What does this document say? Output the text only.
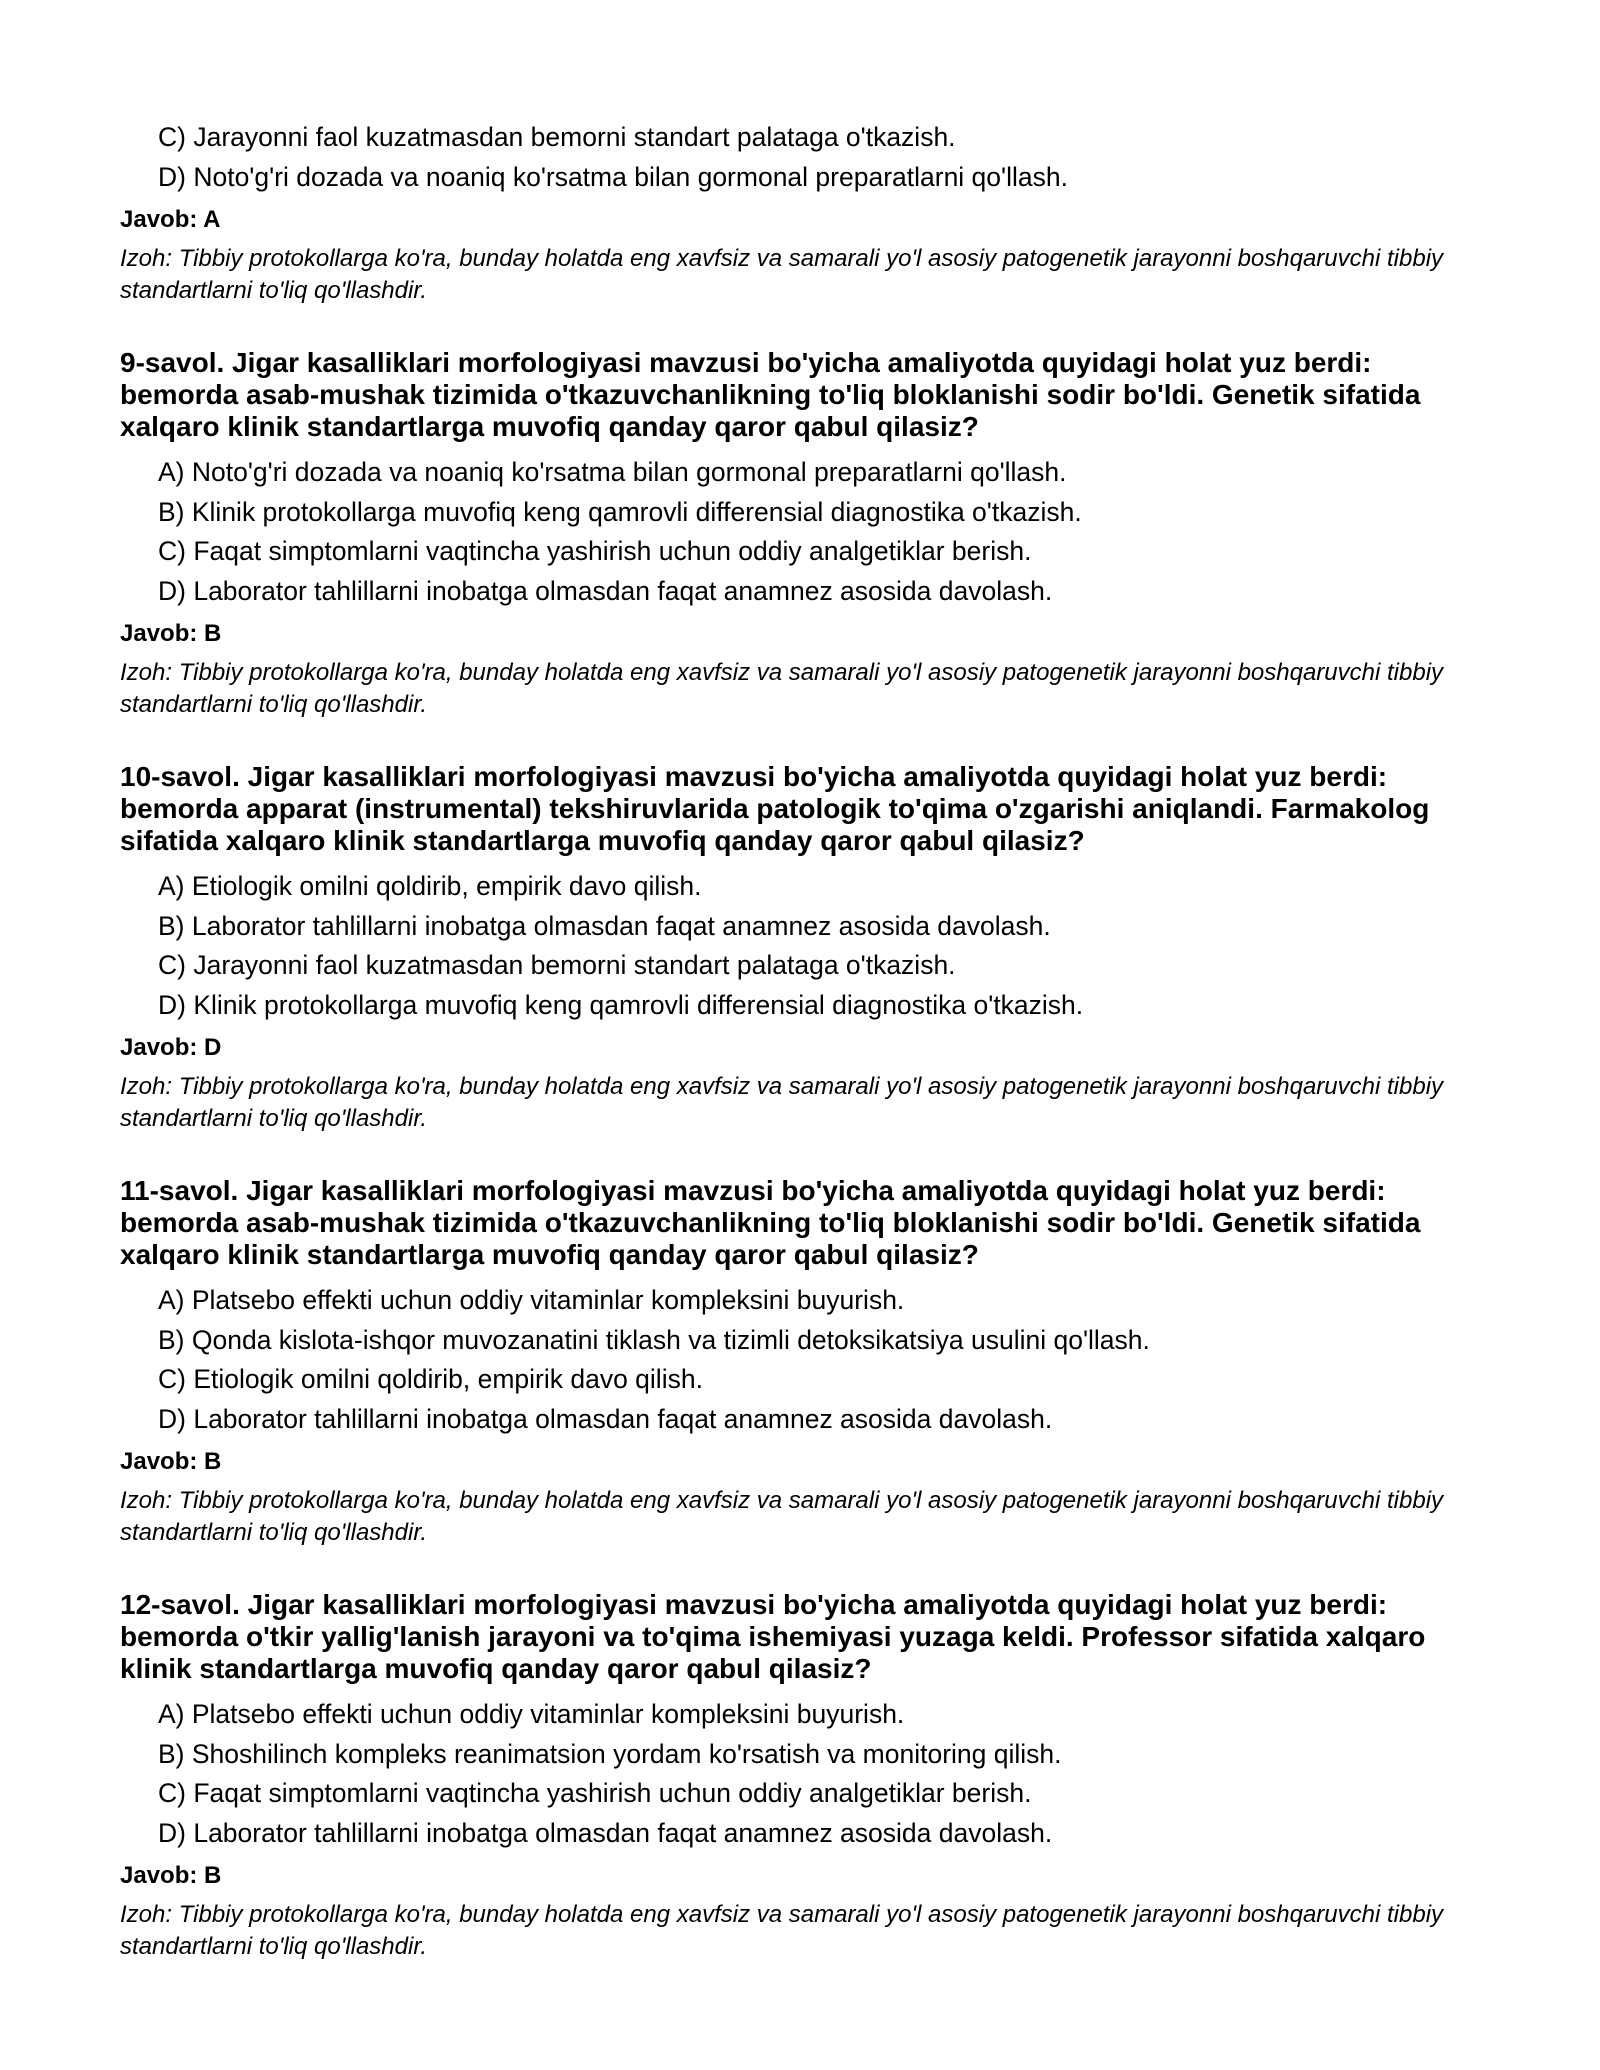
C) Jarayonni faol kuzatmasdan bemorni standart palataga o'tkazish.
D) Noto'g'ri dozada va noaniq ko'rsatma bilan gormonal preparatlarni qo'llash.
Javob: A
Izoh: Tibbiy protokollarga ko'ra, bunday holatda eng xavfsiz va samarali yo'l asosiy patogenetik jarayonni boshqaruvchi tibbiy standartlarni to'liq qo'llashdir.
9-savol. Jigar kasalliklari morfologiyasi mavzusi bo'yicha amaliyotda quyidagi holat yuz berdi: bemorda asab-mushak tizimida o'tkazuvchanlikning to'liq bloklanishi sodir bo'ldi. Genetik sifatida xalqaro klinik standartlarga muvofiq qanday qaror qabul qilasiz?
A) Noto'g'ri dozada va noaniq ko'rsatma bilan gormonal preparatlarni qo'llash.
B) Klinik protokollarga muvofiq keng qamrovli differensial diagnostika o'tkazish.
C) Faqat simptomlarni vaqtincha yashirish uchun oddiy analgetiklar berish.
D) Laborator tahlillarni inobatga olmasdan faqat anamnez asosida davolash.
Javob: B
Izoh: Tibbiy protokollarga ko'ra, bunday holatda eng xavfsiz va samarali yo'l asosiy patogenetik jarayonni boshqaruvchi tibbiy standartlarni to'liq qo'llashdir.
10-savol. Jigar kasalliklari morfologiyasi mavzusi bo'yicha amaliyotda quyidagi holat yuz berdi: bemorda apparat (instrumental) tekshiruvlarida patologik to'qima o'zgarishi aniqlandi. Farmakolog sifatida xalqaro klinik standartlarga muvofiq qanday qaror qabul qilasiz?
A) Etiologik omilni qoldirib, empirik davo qilish.
B) Laborator tahlillarni inobatga olmasdan faqat anamnez asosida davolash.
C) Jarayonni faol kuzatmasdan bemorni standart palataga o'tkazish.
D) Klinik protokollarga muvofiq keng qamrovli differensial diagnostika o'tkazish.
Javob: D
Izoh: Tibbiy protokollarga ko'ra, bunday holatda eng xavfsiz va samarali yo'l asosiy patogenetik jarayonni boshqaruvchi tibbiy standartlarni to'liq qo'llashdir.
11-savol. Jigar kasalliklari morfologiyasi mavzusi bo'yicha amaliyotda quyidagi holat yuz berdi: bemorda asab-mushak tizimida o'tkazuvchanlikning to'liq bloklanishi sodir bo'ldi. Genetik sifatida xalqaro klinik standartlarga muvofiq qanday qaror qabul qilasiz?
A) Platsebo effekti uchun oddiy vitaminlar kompleksini buyurish.
B) Qonda kislota-ishqor muvozanatini tiklash va tizimli detoksikatsiya usulini qo'llash.
C) Etiologik omilni qoldirib, empirik davo qilish.
D) Laborator tahlillarni inobatga olmasdan faqat anamnez asosida davolash.
Javob: B
Izoh: Tibbiy protokollarga ko'ra, bunday holatda eng xavfsiz va samarali yo'l asosiy patogenetik jarayonni boshqaruvchi tibbiy standartlarni to'liq qo'llashdir.
12-savol. Jigar kasalliklari morfologiyasi mavzusi bo'yicha amaliyotda quyidagi holat yuz berdi: bemorda o'tkir yallig'lanish jarayoni va to'qima ishemiyasi yuzaga keldi. Professor sifatida xalqaro klinik standartlarga muvofiq qanday qaror qabul qilasiz?
A) Platsebo effekti uchun oddiy vitaminlar kompleksini buyurish.
B) Shoshilinch kompleks reanimatsion yordam ko'rsatish va monitoring qilish.
C) Faqat simptomlarni vaqtincha yashirish uchun oddiy analgetiklar berish.
D) Laborator tahlillarni inobatga olmasdan faqat anamnez asosida davolash.
Javob: B
Izoh: Tibbiy protokollarga ko'ra, bunday holatda eng xavfsiz va samarali yo'l asosiy patogenetik jarayonni boshqaruvchi tibbiy standartlarni to'liq qo'llashdir.
